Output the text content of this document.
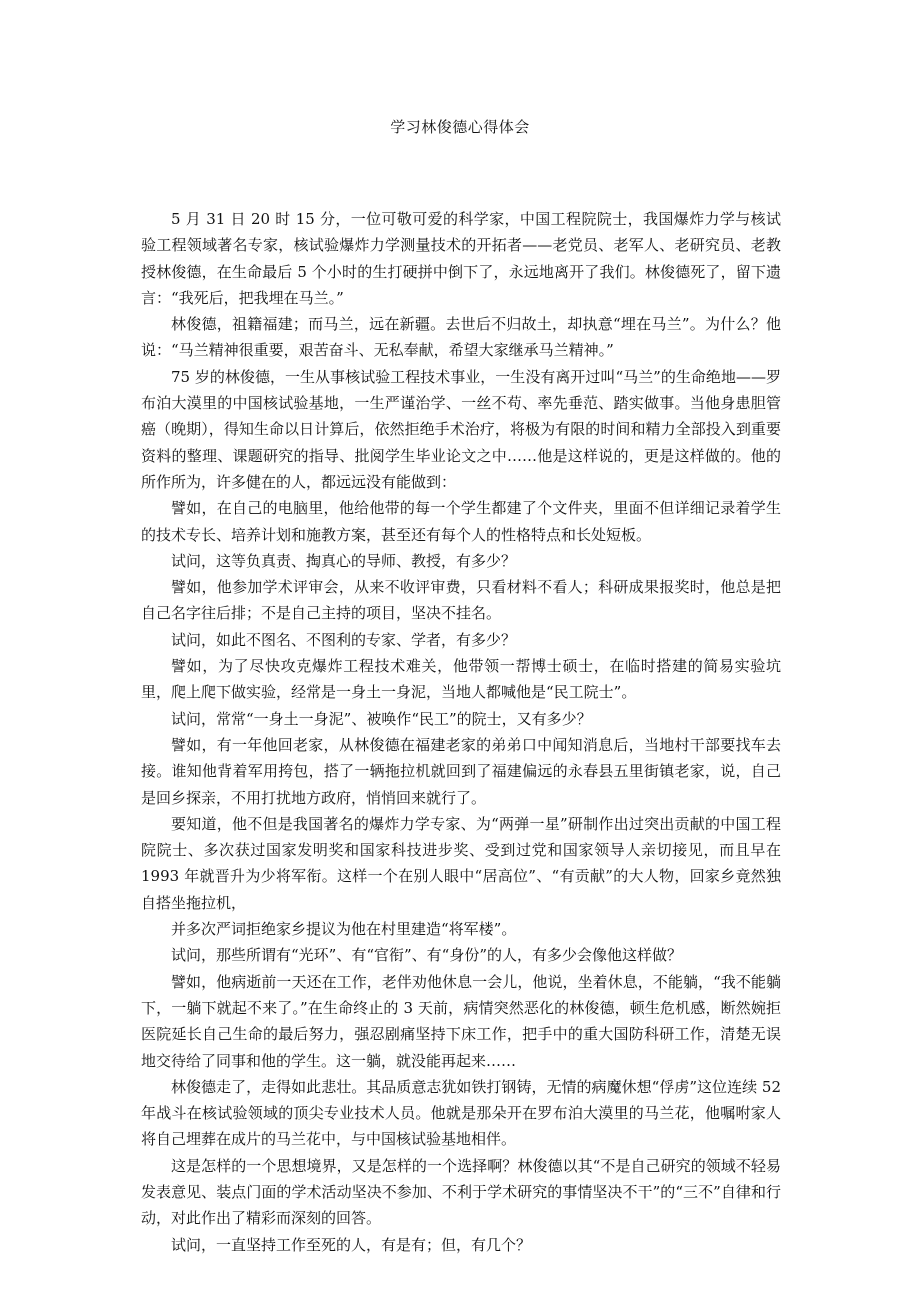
学习林俊德心得体会

5 月 31 日 20 时 15 分，一位可敬可爱的科学家，中国工程院院士，我国爆炸力学与核试验工程领域著名专家，核试验爆炸力学测量技术的开拓者——老党员、老军人、老研究员、老教授林俊德，在生命最后 5 个小时的生打硬拼中倒下了，永远地离开了我们。林俊德死了，留下遗言：“我死后，把我埋在马兰。”

林俊德，祖籍福建；而马兰，远在新疆。去世后不归故土，却执意“埋在马兰”。为什么？他说：“马兰精神很重要，艰苦奋斗、无私奉献，希望大家继承马兰精神。”

75 岁的林俊德，一生从事核试验工程技术事业，一生没有离开过叫“马兰”的生命绝地——罗布泊大漠里的中国核试验基地，一生严谨治学、一丝不苟、率先垂范、踏实做事。当他身患胆管癌（晚期），得知生命以日计算后，依然拒绝手术治疗，将极为有限的时间和精力全部投入到重要资料的整理、课题研究的指导、批阅学生毕业论文之中……他是这样说的，更是这样做的。他的所作所为，许多健在的人，都远远没有能做到：

譬如，在自己的电脑里，他给他带的每一个学生都建了个文件夹，里面不但详细记录着学生的技术专长、培养计划和施教方案，甚至还有每个人的性格特点和长处短板。

试问，这等负真责、掏真心的导师、教授，有多少？

譬如，他参加学术评审会，从来不收评审费，只看材料不看人；科研成果报奖时，他总是把自己名字往后排；不是自己主持的项目，坚决不挂名。

试问，如此不图名、不图利的专家、学者，有多少？

譬如，为了尽快攻克爆炸工程技术难关，他带领一帮博士硕士，在临时搭建的简易实验坑里，爬上爬下做实验，经常是一身土一身泥，当地人都喊他是“民工院士”。

试问，常常“一身土一身泥”、被唤作“民工”的院士，又有多少？

譬如，有一年他回老家，从林俊德在福建老家的弟弟口中闻知消息后，当地村干部要找车去接。谁知他背着军用挎包，搭了一辆拖拉机就回到了福建偏远的永春县五里街镇老家，说，自己是回乡探亲，不用打扰地方政府，悄悄回来就行了。

要知道，他不但是我国著名的爆炸力学专家、为“两弹一星”研制作出过突出贡献的中国工程院院士、多次获过国家发明奖和国家科技进步奖、受到过党和国家领导人亲切接见，而且早在 1993 年就晋升为少将军衔。这样一个在别人眼中“居高位”、“有贡献”的大人物，回家乡竟然独自搭坐拖拉机，

并多次严词拒绝家乡提议为他在村里建造“将军楼”。

试问，那些所谓有“光环”、有“官衔”、有“身份”的人，有多少会像他这样做？

譬如，他病逝前一天还在工作，老伴劝他休息一会儿，他说，坐着休息，不能躺，“我不能躺下，一躺下就起不来了。”在生命终止的 3 天前，病情突然恶化的林俊德，顿生危机感，断然婉拒医院延长自己生命的最后努力，强忍剧痛坚持下床工作，把手中的重大国防科研工作，清楚无误地交待给了同事和他的学生。这一躺，就没能再起来……

林俊德走了，走得如此悲壮。其品质意志犹如铁打钢铸，无情的病魔休想“俘虏”这位连续 52 年战斗在核试验领域的顶尖专业技术人员。他就是那朵开在罗布泊大漠里的马兰花，他嘱咐家人将自己埋葬在成片的马兰花中，与中国核试验基地相伴。

这是怎样的一个思想境界，又是怎样的一个选择啊？林俊德以其“不是自己研究的领域不轻易发表意见、装点门面的学术活动坚决不参加、不利于学术研究的事情坚决不干”的“三不”自律和行动，对此作出了精彩而深刻的回答。

试问，一直坚持工作至死的人，有是有；但，有几个？
